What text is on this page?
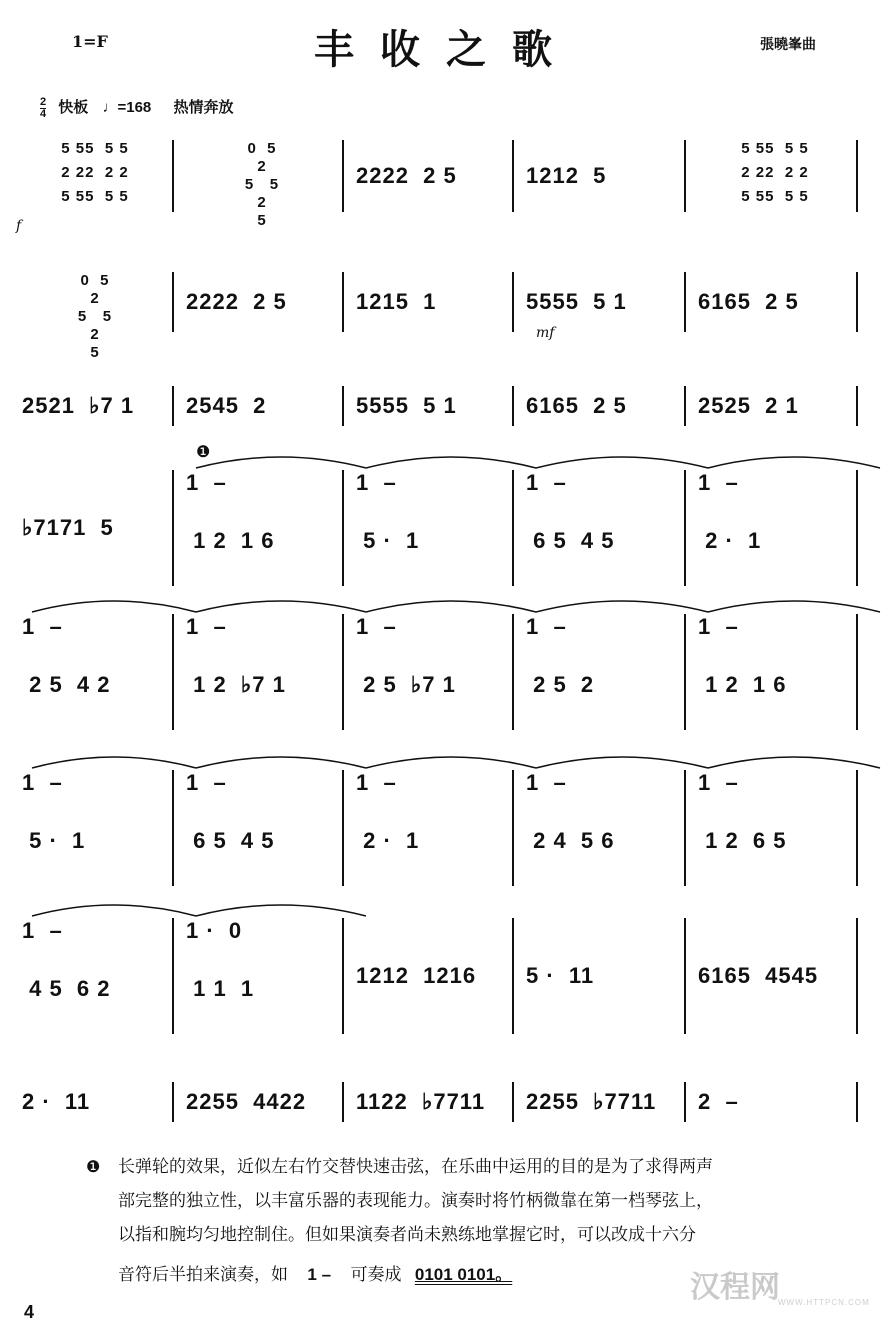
1=F	丰收之歌	張曉峯曲
$\frac{2}{4}$ 快板 ♩=168 热情奔放
5 55  5 5
2 22  2 2
5 55  5 5
0  5
2
5   5
2
5
2222  2 5	1212  5
5 55  5 5
2 22  2 2
5 55  5 5
0  5
2
5   5
2
5
2222  2 5	1215  1	5555  5 1	6165  2 5
2521  ♭7 1	2545  2	5555  5 1	6165  2 5	2525  2 1
♭7171  5
1  –
1 2  1 6
1  –
5 ·  1
1  –
6 5  4 5
1  –
2 ·  1
1  –
2 5  4 2
1  –
1 2  ♭7 1
1  –
2 5  ♭7 1
1  –
2 5  2
1  –
1 2  1 6
1  –
5 ·  1
1  –
6 5  4 5
1  –
2 ·  1
1  –
2 4  5 6
1  –
1 2  6 5
1  –
4 5  6 2
1 ·  0
1 1  1
1212  1216	5 ·  11	6165  4545
2 ·  11	2255  4422	1122  ♭7711	2255  ♭7711	2  –
f
mf
❶
❶ 长弹轮的效果，近似左右竹交替快速击弦，在乐曲中运用的目的是为了求得两声
部完整的独立性，以丰富乐器的表现能力。演奏时将竹柄微靠在第一档琴弦上，
以指和腕均匀地控制住。但如果演奏者尚未熟练地掌握它时，可以改成十六分
音符后半拍来演奏，如 1 – 可奏成 0101 0101。	汉程网
WWW.HTTPCN.COM
4
